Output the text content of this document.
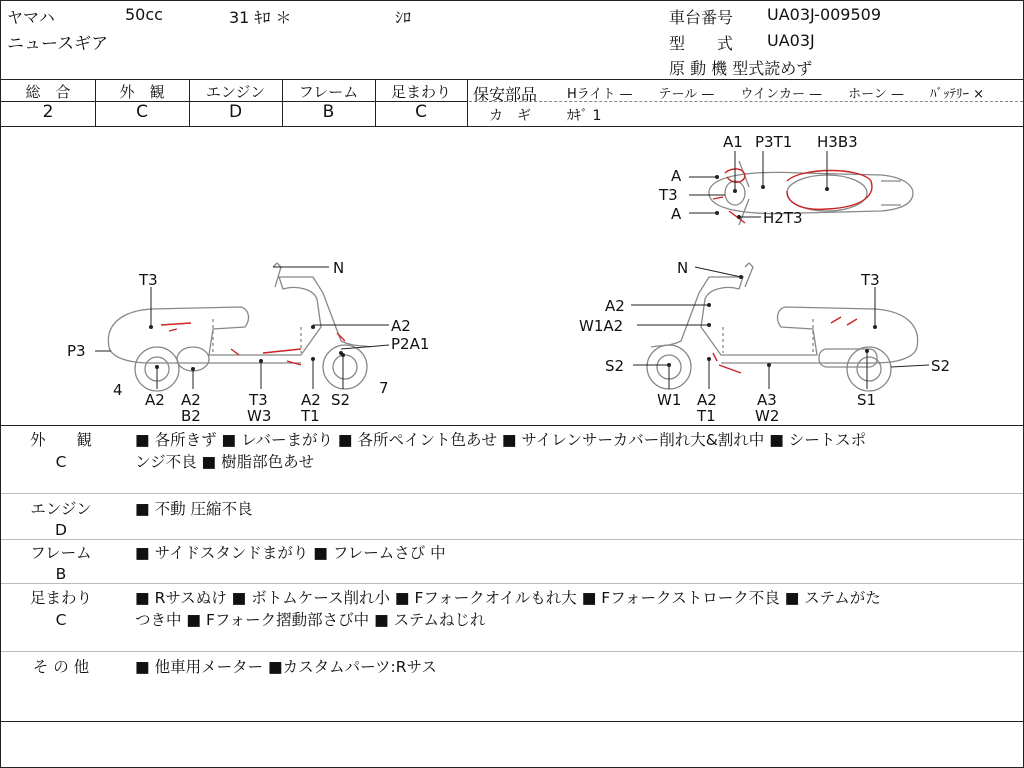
ヤマハ	50cc	31 ｷﾛ ＊	ｼﾛ
ニュースギア
車台番号 UA03J-009509
型　　式 UA03J
原 動 機 型式読めず
総　合
2
外　観
C
エンジン
D
フレーム
B
足まわり
C
保安部品 Hライト —　　テール —　　ウインカー —　　ホーン —　　ﾊﾞｯﾃﾘｰ ×
カ　ギ	ｶｷﾞ 1
A1 P3T1 H3B3
A
T3
A	H2T3
T3
N
A2
P2A1
P3
4	7
A2 A2
B2
T3
W3
A2
T1
S2
N
T3
A2
W1A2
S2	S2
W1 A2
T1
A3
W2
S1
外　　観
C
■ 各所きず ■ レバーまがり ■ 各所ペイント色あせ ■ サイレンサーカバー削れ大&割れ中 ■ シートスポ
ンジ不良 ■ 樹脂部色あせ
エンジン
D
■ 不動 圧縮不良
フレーム
B
■ サイドスタンドまがり ■ フレームさび 中
足まわり
C
■ Rサスぬけ ■ ボトムケース削れ小 ■ Fフォークオイルもれ大 ■ Fフォークストローク不良 ■ ステムがた
つき中 ■ Fフォーク摺動部さび中 ■ ステムねじれ
そ の 他	■ 他車用メーター ■カスタムパーツ:Rサス
